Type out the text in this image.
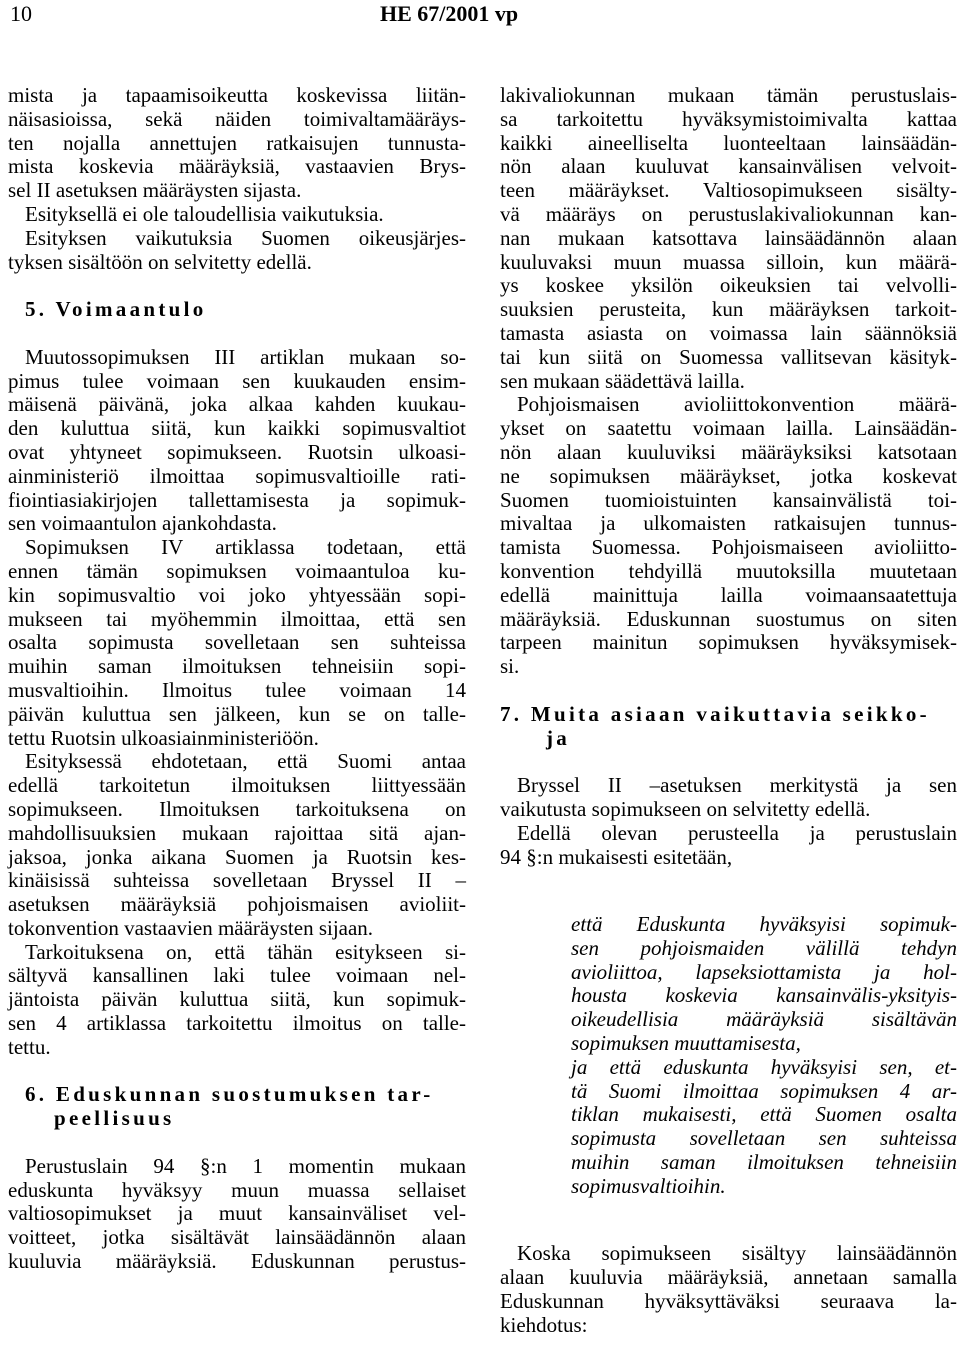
10	HE 67/2001 vp
mista ja tapaamisoikeutta koskevissa liitän-
näisasioissa, sekä näiden toimivaltamääräys-
ten nojalla annettujen ratkaisujen tunnusta-
mista koskevia määräyksiä, vastaavien Brys-
sel II asetuksen määräysten sijasta.
Esityksellä ei ole taloudellisia vaikutuksia.
Esityksen vaikutuksia Suomen oikeusjärjes-
tyksen sisältöön on selvitetty edellä.
5. Voimaantulo
Muutossopimuksen III artiklan mukaan so-
pimus tulee voimaan sen kuukauden ensim-
mäisenä päivänä, joka alkaa kahden kuukau-
den kuluttua siitä, kun kaikki sopimusvaltiot
ovat yhtyneet sopimukseen. Ruotsin ulkoasi-
ainministeriö ilmoittaa sopimusvaltioille rati-
fiointiasiakirjojen tallettamisesta ja sopimuk-
sen voimaantulon ajankohdasta.
Sopimuksen IV artiklassa todetaan, että
ennen tämän sopimuksen voimaantuloa ku-
kin sopimusvaltio voi joko yhtyessään sopi-
mukseen tai myöhemmin ilmoittaa, että sen
osalta sopimusta sovelletaan sen suhteissa
muihin saman ilmoituksen tehneisiin sopi-
musvaltioihin. Ilmoitus tulee voimaan 14
päivän kuluttua sen jälkeen, kun se on talle-
tettu Ruotsin ulkoasiainministeriöön.
Esityksessä ehdotetaan, että Suomi antaa
edellä tarkoitetun ilmoituksen liittyessään
sopimukseen. Ilmoituksen tarkoituksena on
mahdollisuuksien mukaan rajoittaa sitä ajan-
jaksoa, jonka aikana Suomen ja Ruotsin kes-
kinäisissä suhteissa sovelletaan Bryssel II –
asetuksen määräyksiä pohjoismaisen avioliit-
tokonvention vastaavien määräysten sijaan.
Tarkoituksena on, että tähän esitykseen si-
sältyvä kansallinen laki tulee voimaan nel-
jäntoista päivän kuluttua siitä, kun sopimuk-
sen 4 artiklassa tarkoitettu ilmoitus on talle-
tettu.
6. Eduskunnan suostumuksen tar-
peellisuus
Perustuslain 94 §:n 1 momentin mukaan
eduskunta hyväksyy muun muassa sellaiset
valtiosopimukset ja muut kansainväliset vel-
voitteet, jotka sisältävät lainsäädännön alaan
kuuluvia määräyksiä. Eduskunnan perustus-
lakivaliokunnan mukaan tämän perustuslais-
sa tarkoitettu hyväksymistoimivalta kattaa
kaikki aineelliselta luonteeltaan lainsäädän-
nön alaan kuuluvat kansainvälisen velvoit-
teen määräykset. Valtiosopimukseen sisälty-
vä määräys on perustuslakivaliokunnan kan-
nan mukaan katsottava lainsäädännön alaan
kuuluvaksi muun muassa silloin, kun määrä-
ys koskee yksilön oikeuksien tai velvolli-
suuksien perusteita, kun määräyksen tarkoit-
tamasta asiasta on voimassa lain säännöksiä
tai kun siitä on Suomessa vallitsevan käsityk-
sen mukaan säädettävä lailla.
Pohjoismaisen avioliittokonvention määrä-
ykset on saatettu voimaan lailla. Lainsäädän-
nön alaan kuuluviksi määräyksiksi katsotaan
ne sopimuksen määräykset, jotka koskevat
Suomen tuomioistuinten kansainvälistä toi-
mivaltaa ja ulkomaisten ratkaisujen tunnus-
tamista Suomessa. Pohjoismaiseen avioliitto-
konvention tehdyillä muutoksilla muutetaan
edellä mainittuja lailla voimaansaatettuja
määräyksiä. Eduskunnan suostumus on siten
tarpeen mainitun sopimuksen hyväksymisek-
si.
7. Muita asiaan vaikuttavia seikko-
ja
Bryssel II –asetuksen merkitystä ja sen
vaikutusta sopimukseen on selvitetty edellä.
Edellä olevan perusteella ja perustuslain
94 §:n mukaisesti esitetään,
että Eduskunta hyväksyisi sopimuk-
sen pohjoismaiden välillä tehdyn
avioliittoa, lapseksiottamista ja hol-
housta koskevia kansainvälis-yksityis-
oikeudellisia määräyksiä sisältävän
sopimuksen muuttamisesta,
ja että eduskunta hyväksyisi sen, et-
tä Suomi ilmoittaa sopimuksen 4 ar-
tiklan mukaisesti, että Suomen osalta
sopimusta sovelletaan sen suhteissa
muihin saman ilmoituksen tehneisiin
sopimusvaltioihin.
Koska sopimukseen sisältyy lainsäädännön
alaan kuuluvia määräyksiä, annetaan samalla
Eduskunnan hyväksyttäväksi seuraava la-
kiehdotus:
